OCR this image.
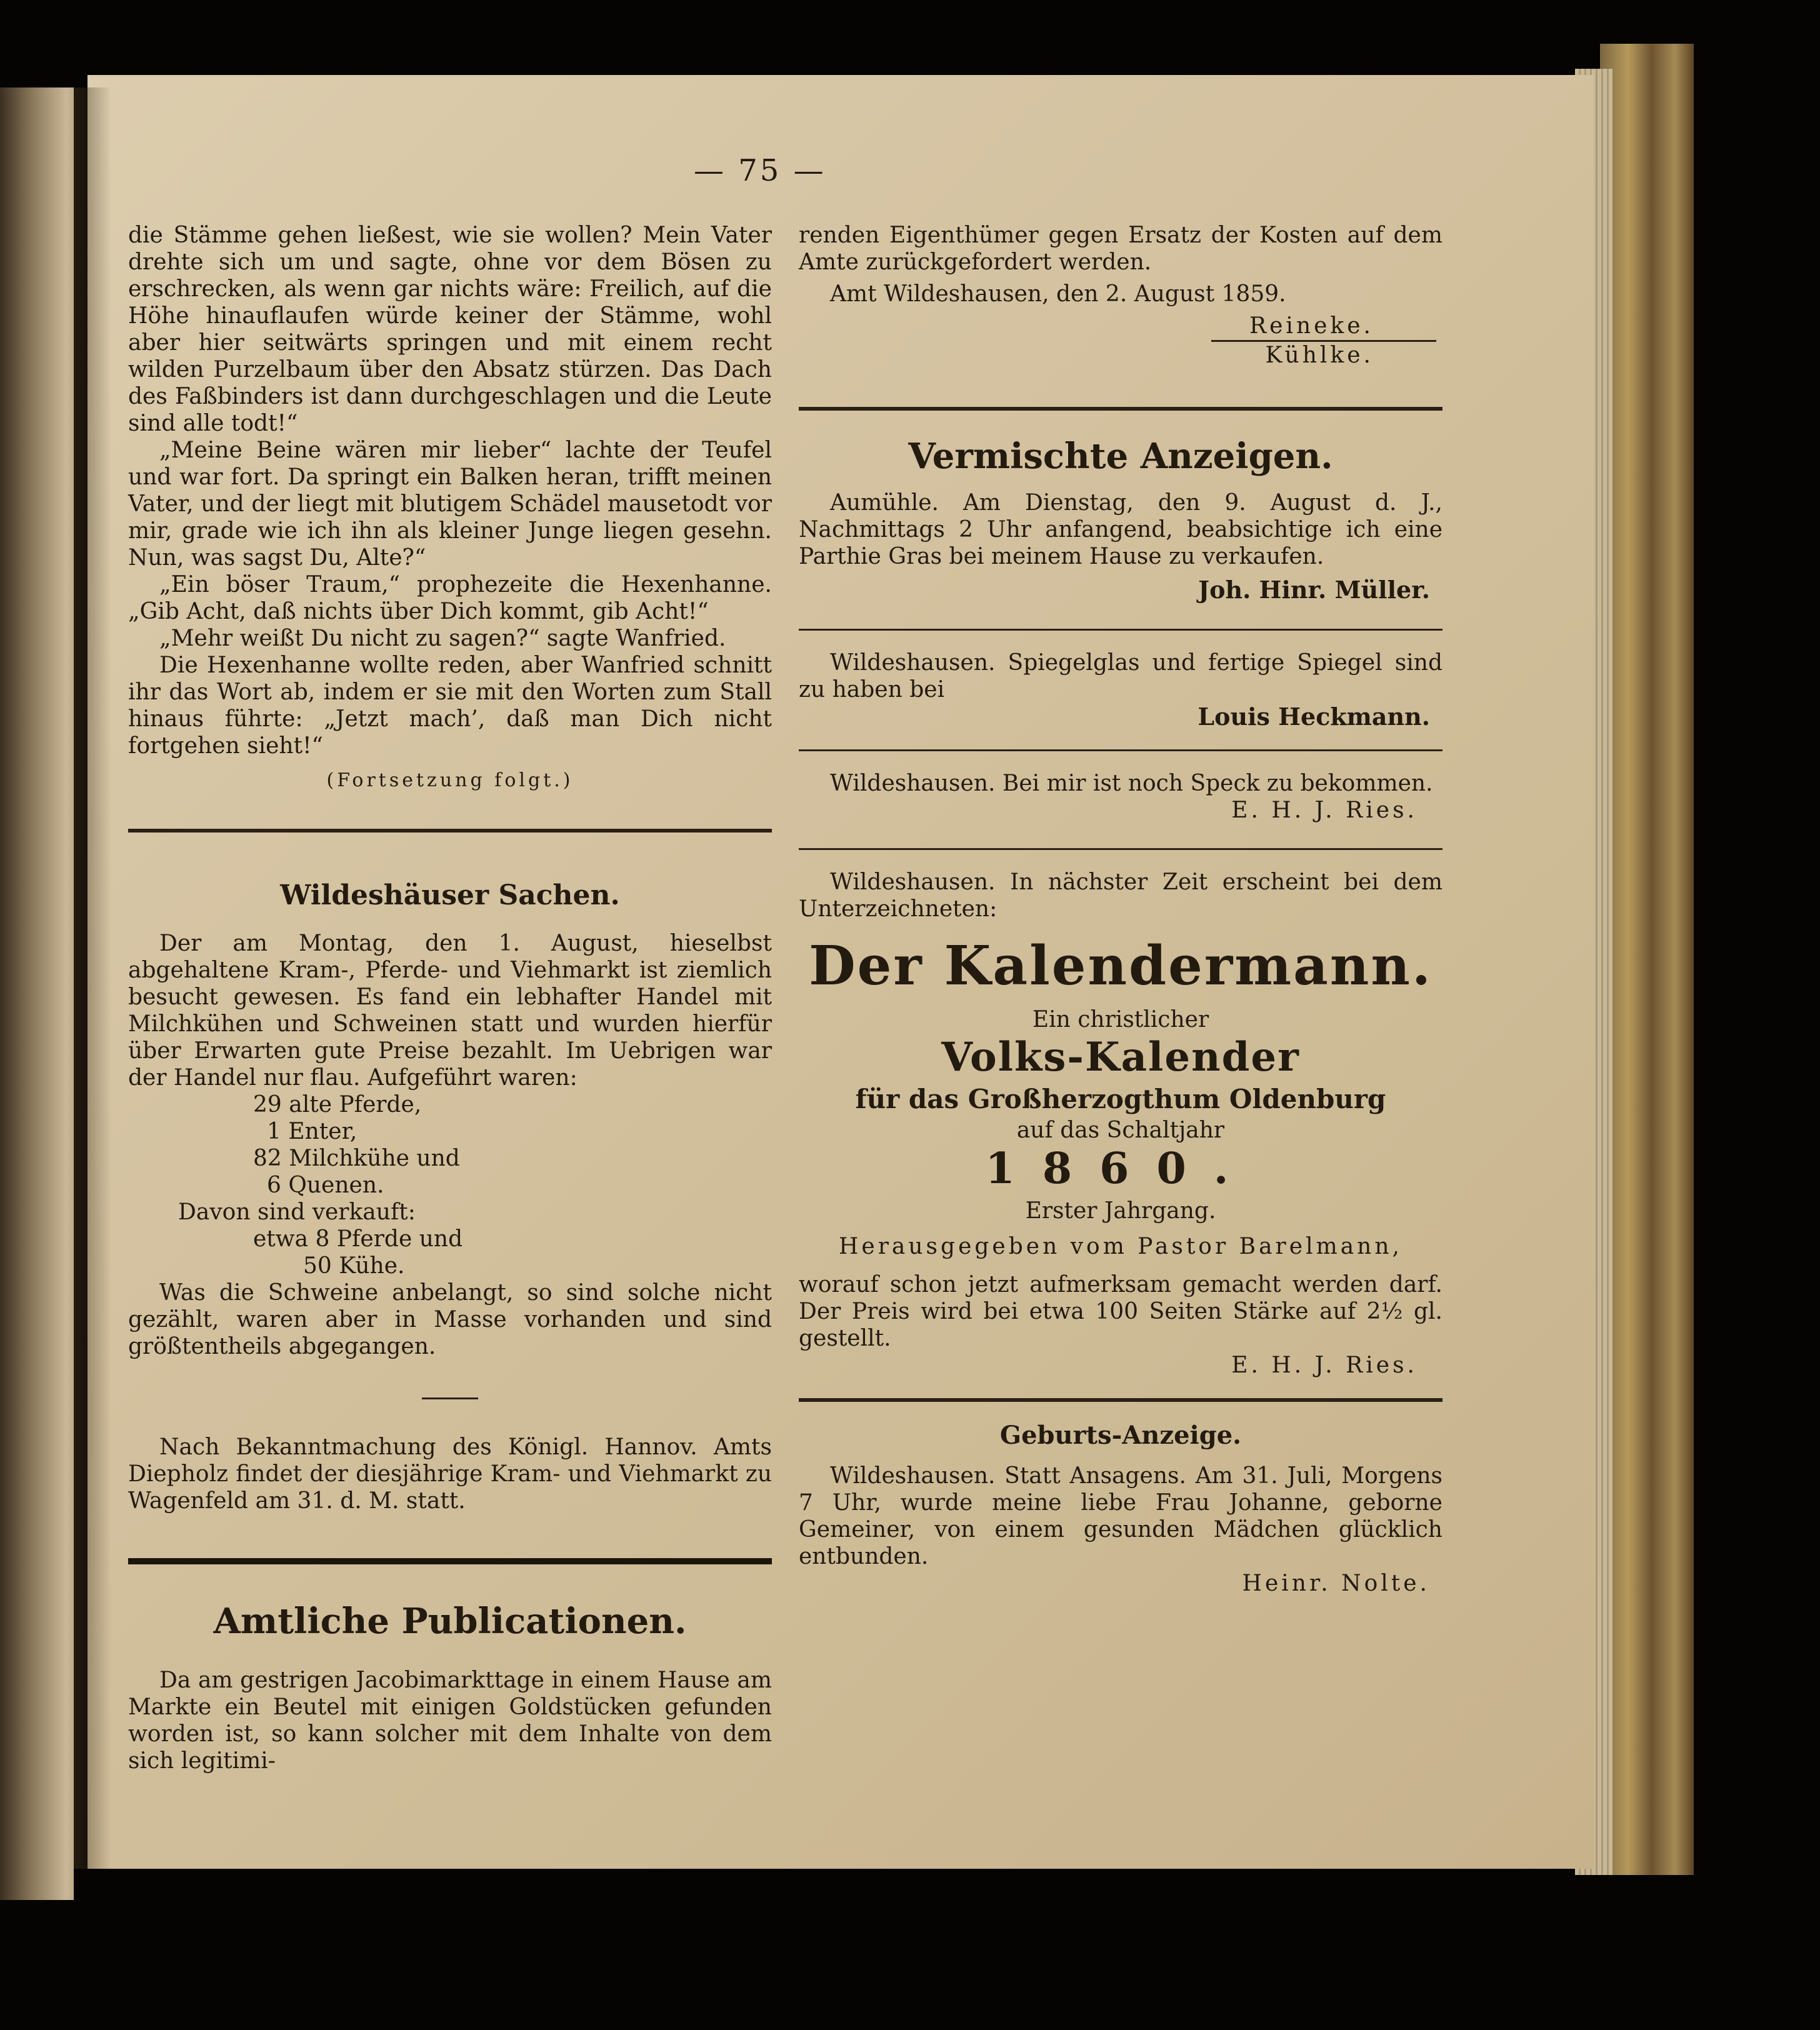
— 75 —

die Stämme gehen ließest, wie sie wollen? Mein Vater drehte sich um und sagte, ohne vor dem Bösen zu erschrecken, als wenn gar nichts wäre: Freilich, auf die Höhe hinauflaufen würde keiner der Stämme, wohl aber hier seitwärts springen und mit einem recht wilden Purzelbaum über den Absatz stürzen. Das Dach des Faßbinders ist dann durchgeschlagen und die Leute sind alle todt!“

„Meine Beine wären mir lieber“ lachte der Teufel und war fort. Da springt ein Balken heran, trifft meinen Vater, und der liegt mit blutigem Schädel mausetodt vor mir, grade wie ich ihn als kleiner Junge liegen gesehn. Nun, was sagst Du, Alte?“

„Ein böser Traum,“ prophezeite die Hexenhanne. „Gib Acht, daß nichts über Dich kommt, gib Acht!“

„Mehr weißt Du nicht zu sagen?“ sagte Wanfried.

Die Hexenhanne wollte reden, aber Wanfried schnitt ihr das Wort ab, indem er sie mit den Worten zum Stall hinaus führte: „Jetzt mach’, daß man Dich nicht fortgehen sieht!“

(Fortsetzung folgt.)
Wildeshäuser Sachen.

Der am Montag, den 1. August, hieselbst abgehaltene Kram-, Pferde- und Viehmarkt ist ziemlich besucht gewesen. Es fand ein lebhafter Handel mit Milchkühen und Schweinen statt und wurden hierfür über Erwarten gute Preise bezahlt. Im Uebrigen war der Handel nur flau. Aufgeführt waren:

29 alte Pferde,
1 Enter,
82 Milchkühe und
6 Quenen.
Davon sind verkauft:
etwa 8 Pferde und
50 Kühe.

Was die Schweine anbelangt, so sind solche nicht gezählt, waren aber in Masse vorhanden und sind größtentheils abgegangen.

Nach Bekanntmachung des Königl. Hannov. Amts Diepholz findet der diesjährige Kram- und Viehmarkt zu Wagenfeld am 31. d. M. statt.

Amtliche Publicationen.

Da am gestrigen Jacobimarkttage in einem Hause am Markte ein Beutel mit einigen Goldstücken gefunden worden ist, so kann solcher mit dem Inhalte von dem sich legitimi-

renden Eigenthümer gegen Ersatz der Kosten auf dem Amte zurückgefordert werden.

Amt Wildeshausen, den 2. August 1859.
Reineke.
Kühlke.
Vermischte Anzeigen.

Aumühle. Am Dienstag, den 9. August d. J., Nachmittags 2 Uhr anfangend, beabsichtige ich eine Parthie Gras bei meinem Hause zu verkaufen.

Joh. Hinr. Müller.

Wildeshausen. Spiegelglas und fertige Spiegel sind zu haben bei

Louis Heckmann.

Wildeshausen. Bei mir ist noch Speck zu bekommen.

E. H. J. Ries.

Wildeshausen. In nächster Zeit erscheint bei dem Unterzeichneten:

Der Kalendermann.
Ein christlicher
Volks-Kalender
für das Großherzogthum Oldenburg
auf das Schaltjahr
1860.
Erster Jahrgang.
Herausgegeben vom Pastor Barelmann,

worauf schon jetzt aufmerksam gemacht werden darf. Der Preis wird bei etwa 100 Seiten Stärke auf 2½ gl. gestellt.

E. H. J. Ries.
Geburts-Anzeige.

Wildeshausen. Statt Ansagens. Am 31. Juli, Morgens 7 Uhr, wurde meine liebe Frau Johanne, geborne Gemeiner, von einem gesunden Mädchen glücklich entbunden.

Heinr. Nolte.
